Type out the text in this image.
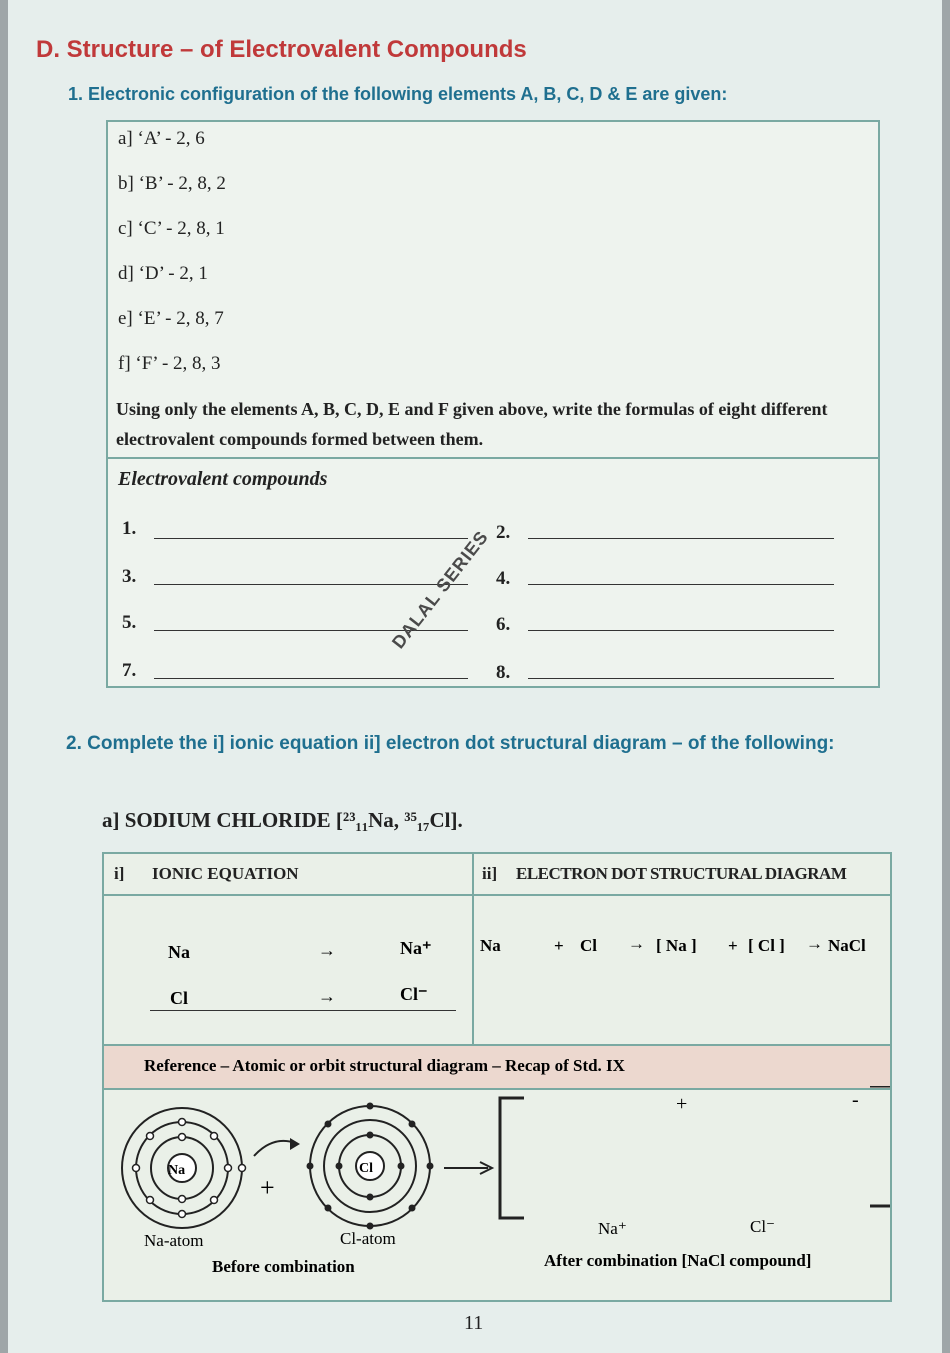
D. Structure – of Electrovalent Compounds
1. Electronic configuration of the following elements A, B, C, D & E are given:
a] ‘A’ - 2, 6
b] ‘B’ - 2, 8, 2
c] ‘C’ - 2, 8, 1
d] ‘D’ - 2, 1
e] ‘E’ - 2, 8, 7
f] ‘F’ - 2, 8, 3
Using only the elements A, B, C, D, E and F given above, write the formulas of eight different electrovalent compounds formed between them.
Electrovalent compounds
1.	2.
3.	4.
5.	6.
7.	8.
DALAL SERIES
2. Complete the i] ionic equation ii] electron dot structural diagram – of the following:
a] SODIUM CHLORIDE [²³₁₁Na, ³⁵₁₇Cl].
i] IONIC EQUATION	ii] ELECTRON DOT STRUCTURAL DIAGRAM
Na	→	Na⁺
Cl	→	Cl⁻
Na	+ Cl → [ Na ] + [ Cl ] → NaCl
Reference – Atomic or orbit structural diagram – Recap of Std. IX
Na
+
Cl
+	-
Na-atom	Cl-atom
Before combination
Na⁺	Cl⁻
After combination [NaCl compound]
11
